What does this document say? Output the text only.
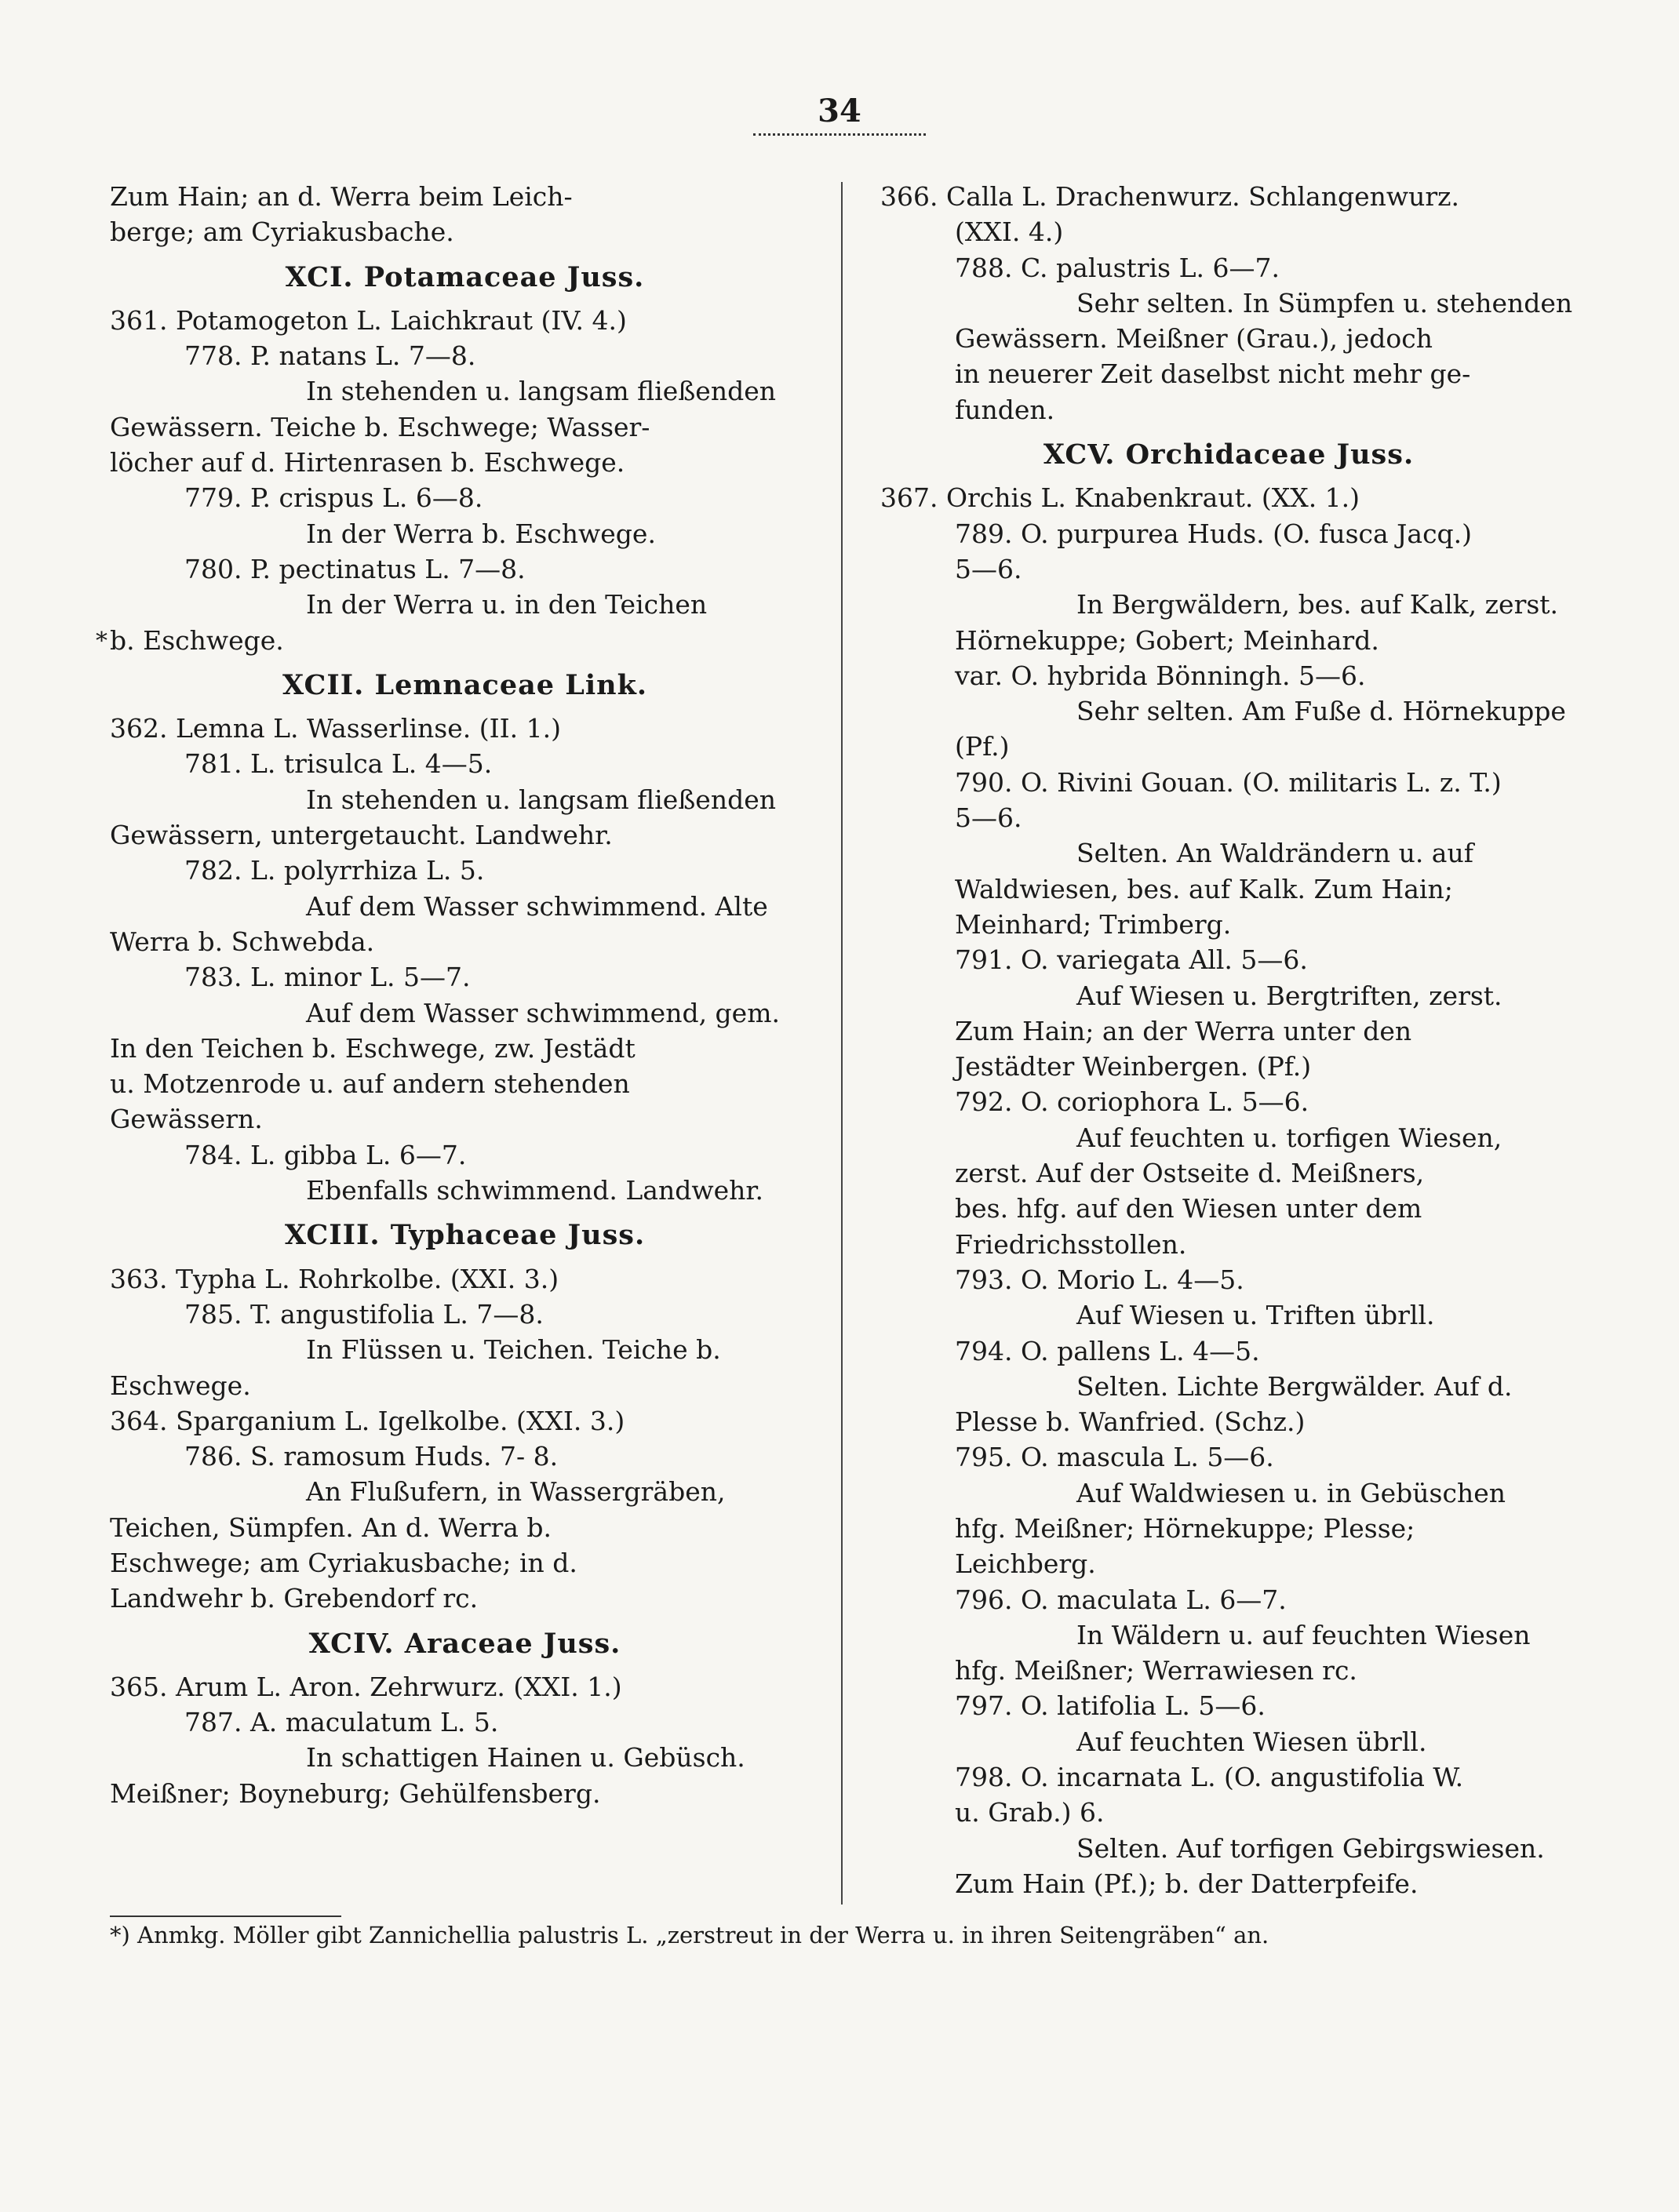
34
Zum Hain; an d. Werra beim Leich-
berge; am Cyriakusbache.
XCI. Potamaceae Juss.
361. Potamogeton L. Laichkraut (IV. 4.)
778. P. natans L. 7—8.
In stehenden u. langsam fließenden
Gewässern. Teiche b. Eschwege; Wasser-
löcher auf d. Hirtenrasen b. Eschwege.
779. P. crispus L. 6—8.
In der Werra b. Eschwege.
780. P. pectinatus L. 7—8.
In der Werra u. in den Teichen
b. Eschwege.
*
XCII. Lemnaceae Link.
362. Lemna L. Wasserlinse. (II. 1.)
781. L. trisulca L. 4—5.
In stehenden u. langsam fließenden
Gewässern, untergetaucht. Landwehr.
782. L. polyrrhiza L. 5.
Auf dem Wasser schwimmend. Alte
Werra b. Schwebda.
783. L. minor L. 5—7.
Auf dem Wasser schwimmend, gem.
In den Teichen b. Eschwege, zw. Jestädt
u. Motzenrode u. auf andern stehenden
Gewässern.
784. L. gibba L. 6—7.
Ebenfalls schwimmend. Landwehr.
XCIII. Typhaceae Juss.
363. Typha L. Rohrkolbe. (XXI. 3.)
785. T. angustifolia L. 7—8.
In Flüssen u. Teichen. Teiche b.
Eschwege.
364. Sparganium L. Igelkolbe. (XXI. 3.)
786. S. ramosum Huds. 7- 8.
An Flußufern, in Wassergräben,
Teichen, Sümpfen. An d. Werra b.
Eschwege; am Cyriakusbache; in d.
Landwehr b. Grebendorf rc.
XCIV. Araceae Juss.
365. Arum L. Aron. Zehrwurz. (XXI. 1.)
787. A. maculatum L. 5.
In schattigen Hainen u. Gebüsch.
Meißner; Boyneburg; Gehülfensberg.
366. Calla L. Drachenwurz. Schlangenwurz.
(XXI. 4.)
788. C. palustris L. 6—7.
Sehr selten. In Sümpfen u. stehenden
Gewässern. Meißner (Grau.), jedoch
in neuerer Zeit daselbst nicht mehr ge-
funden.
XCV. Orchidaceae Juss.
367. Orchis L. Knabenkraut. (XX. 1.)
789. O. purpurea Huds. (O. fusca Jacq.)
5—6.
In Bergwäldern, bes. auf Kalk, zerst.
Hörnekuppe; Gobert; Meinhard.
var. O. hybrida Bönningh. 5—6.
Sehr selten. Am Fuße d. Hörnekuppe
(Pf.)
790. O. Rivini Gouan. (O. militaris L. z. T.)
5—6.
Selten. An Waldrändern u. auf
Waldwiesen, bes. auf Kalk. Zum Hain;
Meinhard; Trimberg.
791. O. variegata All. 5—6.
Auf Wiesen u. Bergtriften, zerst.
Zum Hain; an der Werra unter den
Jestädter Weinbergen. (Pf.)
792. O. coriophora L. 5—6.
Auf feuchten u. torfigen Wiesen,
zerst. Auf der Ostseite d. Meißners,
bes. hfg. auf den Wiesen unter dem
Friedrichsstollen.
793. O. Morio L. 4—5.
Auf Wiesen u. Triften übrll.
794. O. pallens L. 4—5.
Selten. Lichte Bergwälder. Auf d.
Plesse b. Wanfried. (Schz.)
795. O. mascula L. 5—6.
Auf Waldwiesen u. in Gebüschen
hfg. Meißner; Hörnekuppe; Plesse;
Leichberg.
796. O. maculata L. 6—7.
In Wäldern u. auf feuchten Wiesen
hfg. Meißner; Werrawiesen rc.
797. O. latifolia L. 5—6.
Auf feuchten Wiesen übrll.
798. O. incarnata L. (O. angustifolia W.
u. Grab.) 6.
Selten. Auf torfigen Gebirgswiesen.
Zum Hain (Pf.); b. der Datterpfeife.
*) Anmkg. Möller gibt Zannichellia palustris L. „zerstreut in der Werra u. in ihren Seitengräben“ an.
